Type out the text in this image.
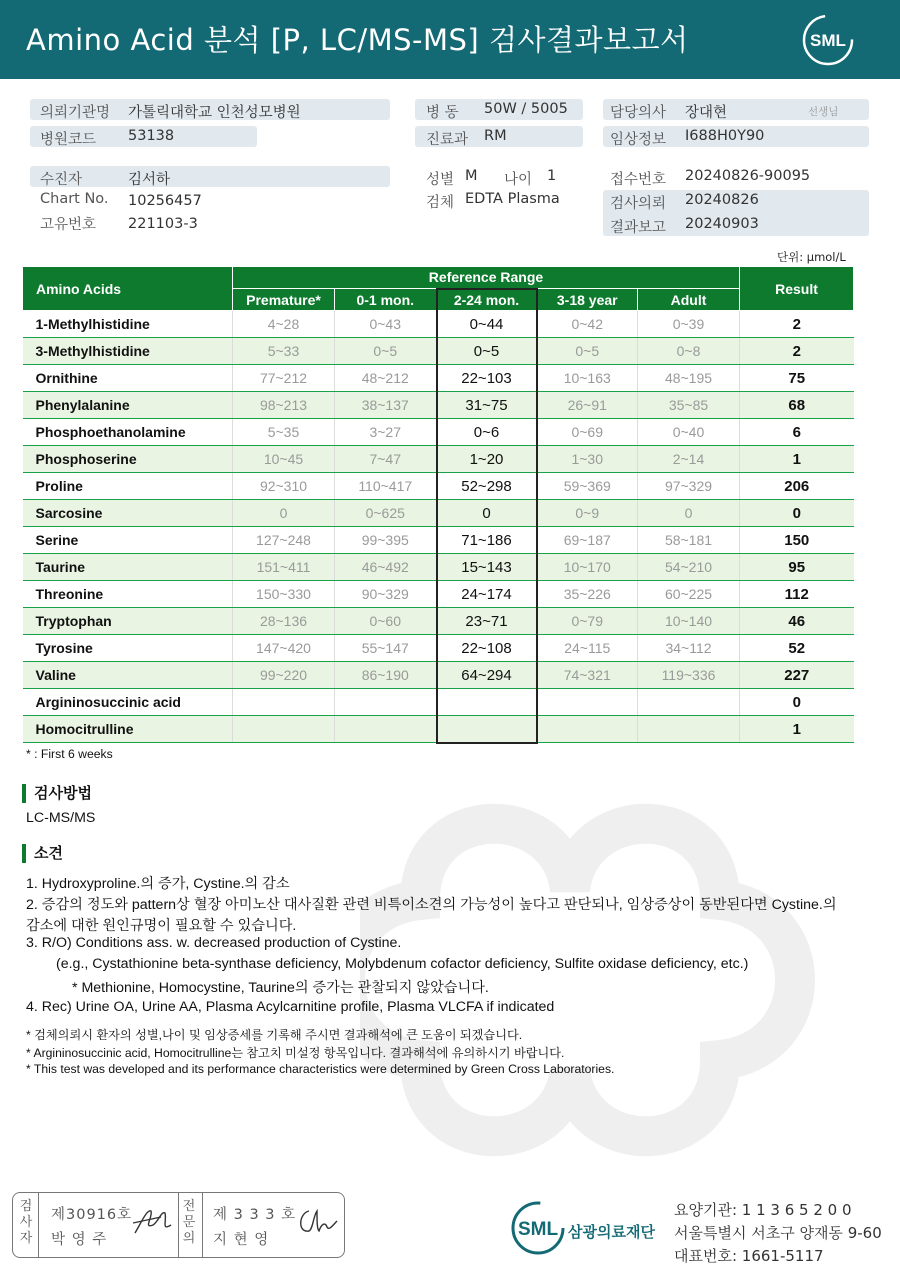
Amino Acid 분석 [P, LC/MS-MS] 검사결과보고서	SML
의뢰기관명 가톨릭대학교 인천성모병원
병원코드 53138
병 동 50W / 5005
진료과 RM
담당의사 장대현	선생님
임상정보 I688H0Y90
수진자	김서하
Chart No. 10256457
고유번호 221103-3
성별 M 나이 1
검체 EDTA Plasma
접수번호 20240826-90095
검사의뢰 20240826
결과보고 20240903
단위: μmol/L
Amino Acids	Reference Range					Result
	Premature*	0-1 mon.	2-24 mon.	3-18 year	Adult	
1-Methylhistidine	4~28	0~43	0~44	0~42	0~39	2
3-Methylhistidine	5~33	0~5	0~5	0~5	0~8	2
Ornithine	77~212	48~212	22~103	10~163	48~195	75
Phenylalanine	98~213	38~137	31~75	26~91	35~85	68
Phosphoethanolamine	5~35	3~27	0~6	0~69	0~40	6
Phosphoserine	10~45	7~47	1~20	1~30	2~14	1
Proline	92~310	110~417	52~298	59~369	97~329	206
Sarcosine	0	0~625	0	0~9	0	0
Serine	127~248	99~395	71~186	69~187	58~181	150
Taurine	151~411	46~492	15~143	10~170	54~210	95
Threonine	150~330	90~329	24~174	35~226	60~225	112
Tryptophan	28~136	0~60	23~71	0~79	10~140	46
Tyrosine	147~420	55~147	22~108	24~115	34~112	52
Valine	99~220	86~190	64~294	74~321	119~336	227
Argininosuccinic acid						0
Homocitrulline						1
* : First 6 weeks
검사방법
LC-MS/MS
소견
1. Hydroxyproline.의 증가, Cystine.의 감소
2. 증감의 정도와 pattern상 혈장 아미노산 대사질환 관련 비특이소견의 가능성이 높다고 판단되나, 임상증상이 동반된다면 Cystine.의
감소에 대한 원인규명이 필요할 수 있습니다.
3. R/O) Conditions ass. w. decreased production of Cystine.
(e.g., Cystathionine beta-synthase deficiency, Molybdenum cofactor deficiency, Sulfite oxidase deficiency, etc.)
* Methionine, Homocystine, Taurine의 증가는 관찰되지 않았습니다.
4. Rec) Urine OA, Urine AA, Plasma Acylcarnitine profile, Plasma VLCFA if indicated
* 검체의뢰시 환자의 성별,나이 및 임상증세를 기록해 주시면 결과해석에 큰 도움이 되겠습니다.
* Argininosuccinic acid, Homocitrulline는 참고치 미설정 항목입니다. 결과해석에 유의하시기 바랍니다.
* This test was developed and its performance characteristics were determined by Green Cross Laboratories.
검사자
제30916호
박 영 주
전문의
제 3 3 3 호
지 현 영	SML 삼광의료재단
요양기관: 1 1 3 6 5 2 0 0
서울특별시 서초구 양재동 9-60
대표번호: 1661-5117
